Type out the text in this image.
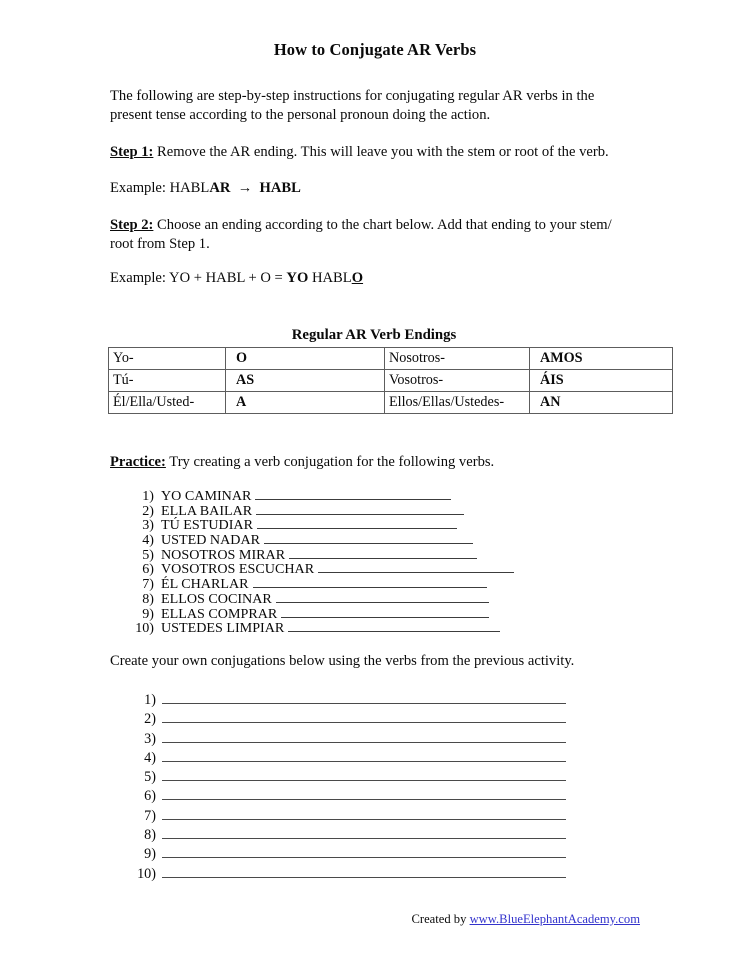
How to Conjugate AR Verbs
The following are step-by-step instructions for conjugating regular AR verbs in the present tense according to the personal pronoun doing the action.
Step 1: Remove the AR ending. This will leave you with the stem or root of the verb.
Example: HABLAR → HABL
Step 2: Choose an ending according to the chart below. Add that ending to your stem/ root from Step 1.
Example: YO + HABL + O = YO HABLO
Regular AR Verb Endings
Yo-	O	Nosotros-	AMOS
Tú-	AS	Vosotros-	ÁIS
Él/Ella/Usted-	A	Ellos/Ellas/Ustedes-	AN
Practice: Try creating a verb conjugation for the following verbs.
1) YO CAMINAR
2) ELLA BAILAR
3) TÚ ESTUDIAR
4) USTED NADAR
5) NOSOTROS MIRAR
6) VOSOTROS ESCUCHAR
7) ÉL CHARLAR
8) ELLOS COCINAR
9) ELLAS COMPRAR
10) USTEDES LIMPIAR
Create your own conjugations below using the verbs from the previous activity.
1)
2)
3)
4)
5)
6)
7)
8)
9)
10)
Created by www.BlueElephantAcademy.com
